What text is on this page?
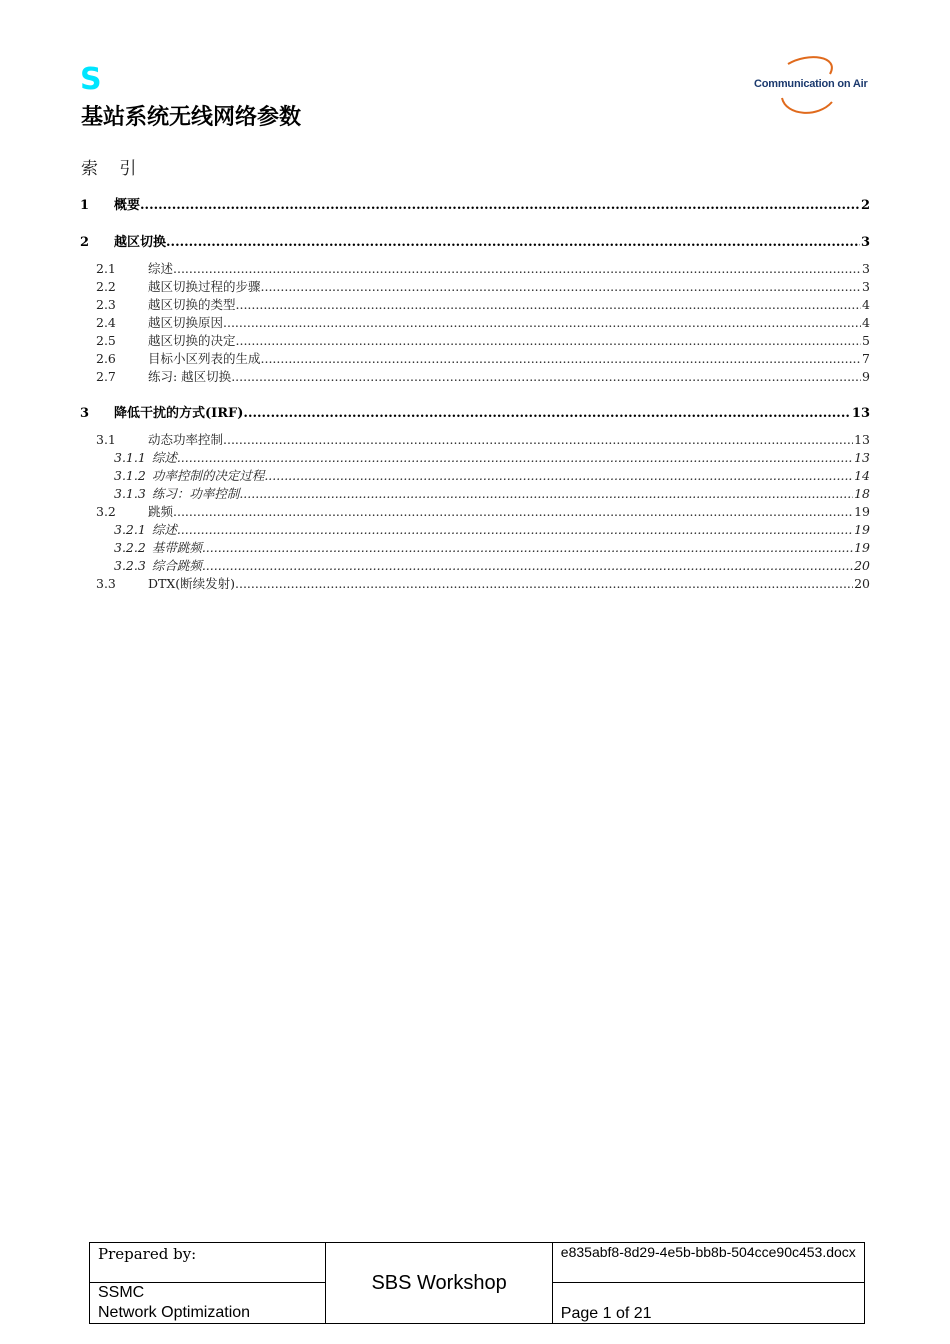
S
基站系统无线网络参数
Communication on Air
索 引
1	概要 .....	2
2	越区切换 .....	3
2.1	综述 .....	3
2.2	越区切换过程的步骤 .....	3
2.3	越区切换的类型 .....	4
2.4	越区切换原因 .....	4
2.5	越区切换的决定 .....	5
2.6	目标小区列表的生成 .....	7
2.7	练习: 越区切换 .....	9
3	降低干扰的方式(IRF) .....	13
3.1	动态功率控制 .....	13
3.1.1 综述 .....	13
3.1.2 功率控制的决定过程 .....	14
3.1.3 练习：功率控制 .....	18
3.2	跳频 .....	19
3.2.1 综述 .....	19
3.2.2 基带跳频 .....	19
3.2.3 综合跳频 .....	20
3.3	DTX(断续发射) .....	20
Prepared by:	SBS Workshop	e835abf8-8d29-4e5b-bb8b-504cce90c453.docx

SSMC
Network Optimization		Page 1 of 21
